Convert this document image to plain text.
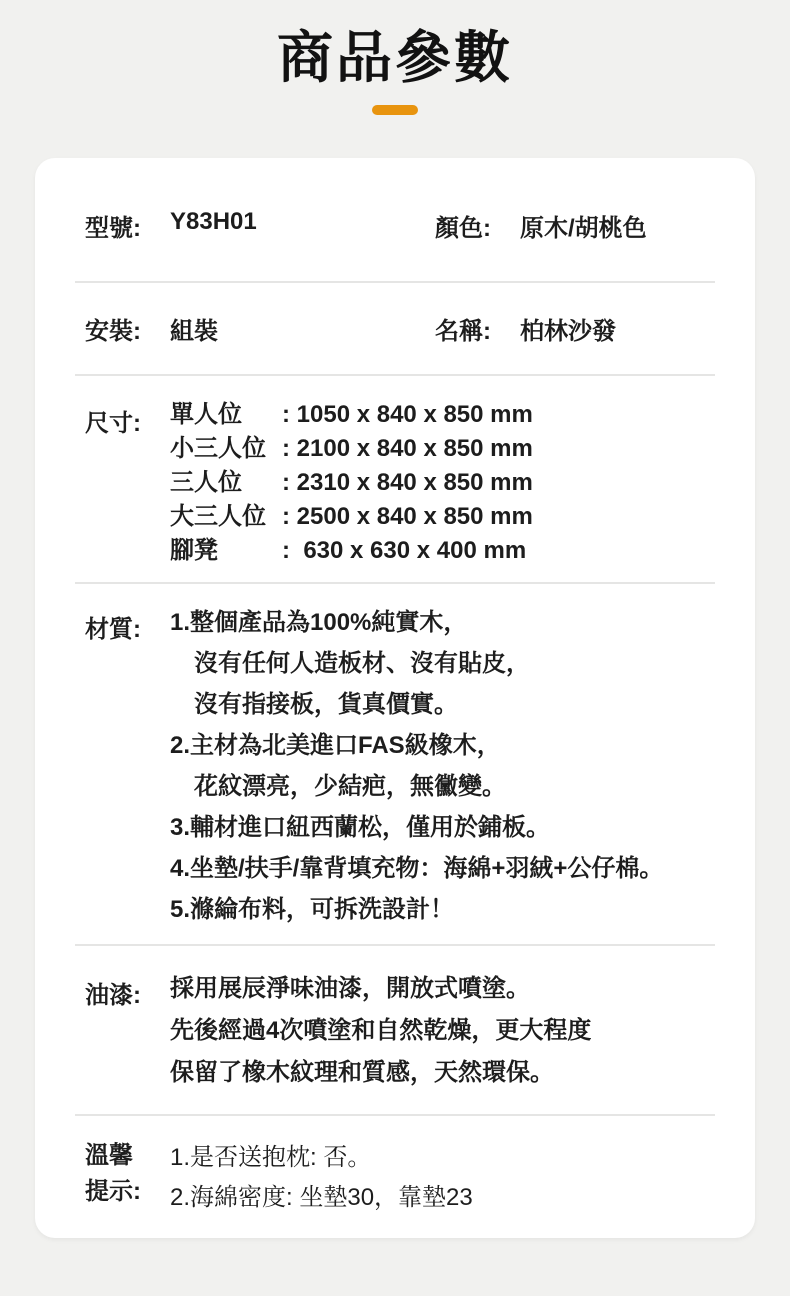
商品參數
型號:	Y83H01	顏色:	原木/胡桃色
安裝:	組裝	名稱:	柏林沙發
尺寸:	單人位	: 1050 x 840 x 850 mm
小三人位 : 2100 x 840 x 850 mm
三人位	: 2310 x 840 x 850 mm
大三人位 : 2500 x 840 x 850 mm
腳凳	:  630 x 630 x 400 mm
材質:	1.整個產品為100%純實木，
沒有任何人造板材、沒有貼皮，
沒有指接板，貨真價實。
2.主材為北美進口FAS級橡木，
花紋漂亮，少結疤，無黴變。
3.輔材進口紐西蘭松，僅用於鋪板。
4.坐墊/扶手/靠背填充物：海綿+羽絨+公仔棉。
5.滌綸布料，可拆洗設計！
油漆:	採用展辰淨味油漆，開放式噴塗。
先後經過4次噴塗和自然乾燥，更大程度
保留了橡木紋理和質感，天然環保。
溫馨
提示:
1.是否送抱枕: 否。
2.海綿密度: 坐墊30，靠墊23
